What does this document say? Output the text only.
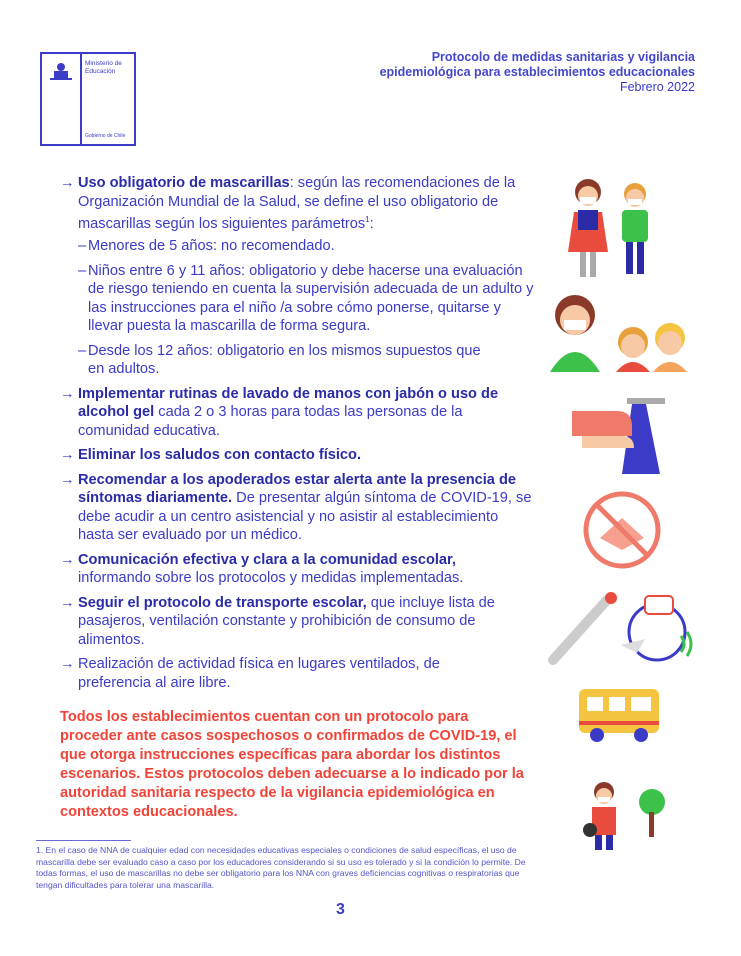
Ministerio de Educación
Gobierno de Chile
Protocolo de medidas sanitarias y vigilancia
epidemiológica para establecimientos educacionales
Febrero 2022
→ Uso obligatorio de mascarillas: según las recomendaciones de la Organización Mundial de la Salud, se define el uso obligatorio de mascarillas según los siguientes parámetros$^1$:
– Menores de 5 años: no recomendado.
– Niños entre 6 y 11 años: obligatorio y debe hacerse una evaluación de riesgo teniendo en cuenta la supervisión adecuada de un adulto y las instrucciones para el niño /a sobre cómo ponerse, quitarse y llevar puesta la mascarilla de forma segura.
– Desde los 12 años: obligatorio en los mismos supuestos que en adultos.
→ Implementar rutinas de lavado de manos con jabón o uso de alcohol gel cada 2 o 3 horas para todas las personas de la comunidad educativa.
→ Eliminar los saludos con contacto físico.
→ Recomendar a los apoderados estar alerta ante la presencia de síntomas diariamente. De presentar algún síntoma de COVID-19, se debe acudir a un centro asistencial y no asistir al establecimiento hasta ser evaluado por un médico.
→ Comunicación efectiva y clara a la comunidad escolar, informando sobre los protocolos y medidas implementadas.
→ Seguir el protocolo de transporte escolar, que incluye lista de pasajeros, ventilación constante y prohibición de consumo de alimentos.
→ Realización de actividad física en lugares ventilados, de preferencia al aire libre.
Todos los establecimientos cuentan con un protocolo para proceder ante casos sospechosos o confirmados de COVID-19, el que otorga instrucciones específicas para abordar los distintos escenarios. Estos protocolos deben adecuarse a lo indicado por la autoridad sanitaria respecto de la vigilancia epidemiológica en contextos educacionales.
1. En el caso de NNA de cualquier edad con necesidades educativas especiales o condiciones de salud específicas, el uso de mascarilla debe ser evaluado caso a caso por los educadores considerando si su uso es tolerado y si la condición lo permite. De todas formas, el uso de mascarillas no debe ser obligatorio para los NNA con graves deficiencias cognitivas o respiratorias que tengan dificultades para tolerar una mascarilla.
3
